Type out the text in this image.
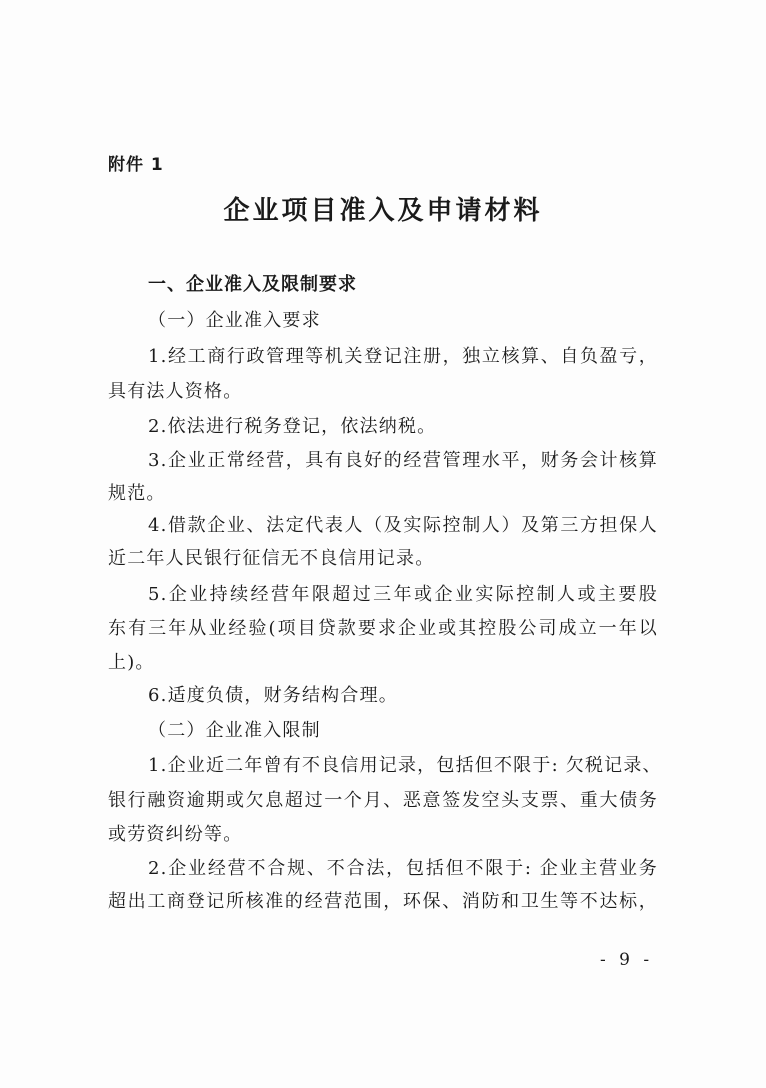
附件 1
企业项目准入及申请材料
一、企业准入及限制要求
（一）企业准入要求
1.经工商行政管理等机关登记注册，独立核算、自负盈亏，
具有法人资格。
2.依法进行税务登记，依法纳税。
3.企业正常经营，具有良好的经营管理水平，财务会计核算
规范。
4.借款企业、法定代表人（及实际控制人）及第三方担保人
近二年人民银行征信无不良信用记录。
5.企业持续经营年限超过三年或企业实际控制人或主要股
东有三年从业经验(项目贷款要求企业或其控股公司成立一年以
上)。
6.适度负债，财务结构合理。
（二）企业准入限制
1.企业近二年曾有不良信用记录，包括但不限于: 欠税记录、
银行融资逾期或欠息超过一个月、恶意签发空头支票、重大债务
或劳资纠纷等。
2.企业经营不合规、不合法，包括但不限于: 企业主营业务
超出工商登记所核准的经营范围，环保、消防和卫生等不达标，
- 9 -
